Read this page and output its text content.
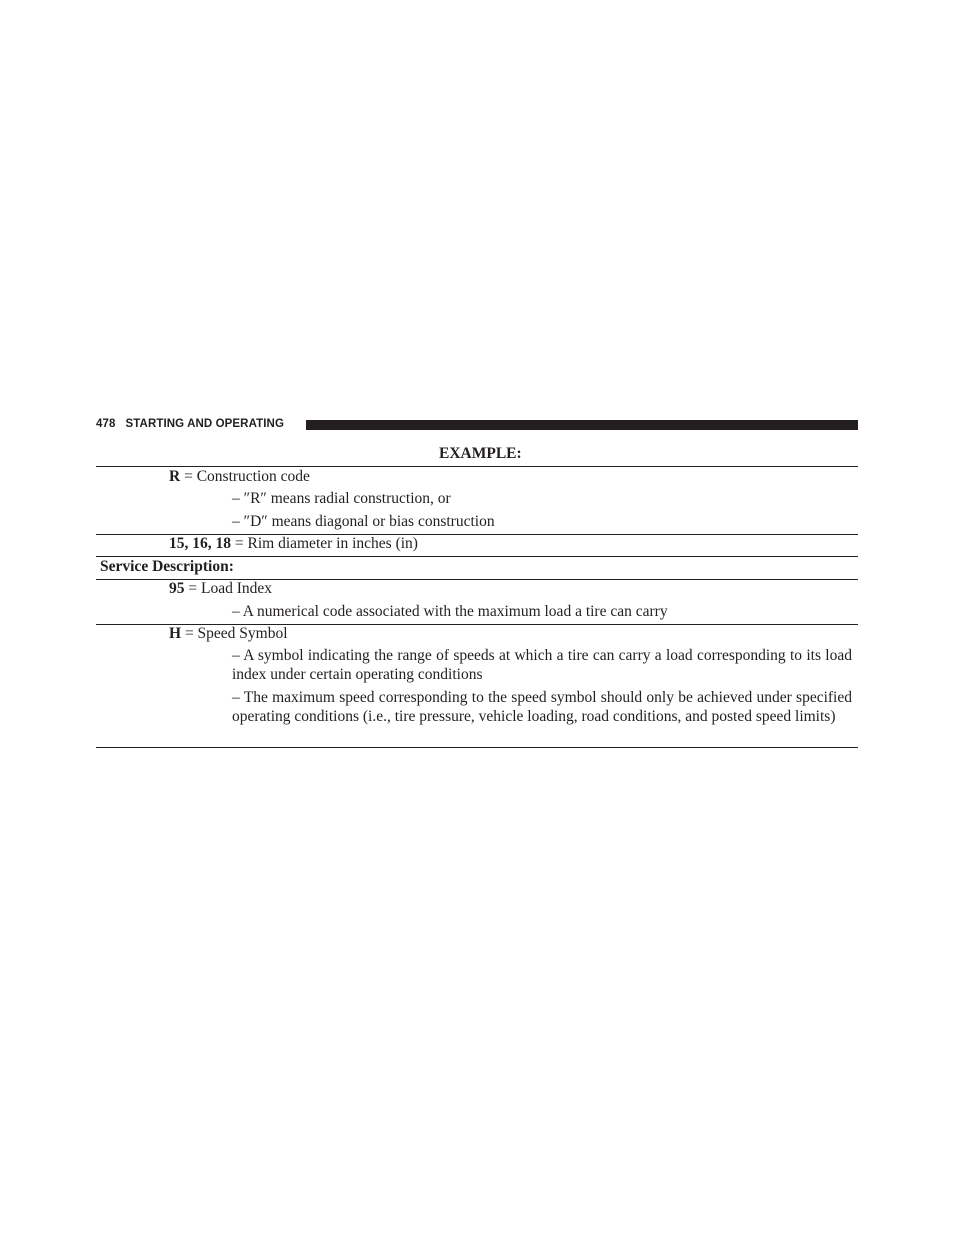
478 STARTING AND OPERATING
EXAMPLE:
R = Construction code
– ″R″ means radial construction, or
– ″D″ means diagonal or bias construction
15, 16, 18 = Rim diameter in inches (in)
Service Description:
95 = Load Index
– A numerical code associated with the maximum load a tire can carry
H = Speed Symbol
– A symbol indicating the range of speeds at which a tire can carry a load corresponding to its load index under certain operating conditions
– The maximum speed corresponding to the speed symbol should only be achieved under specified operating conditions (i.e., tire pressure, vehicle loading, road conditions, and posted speed limits)
